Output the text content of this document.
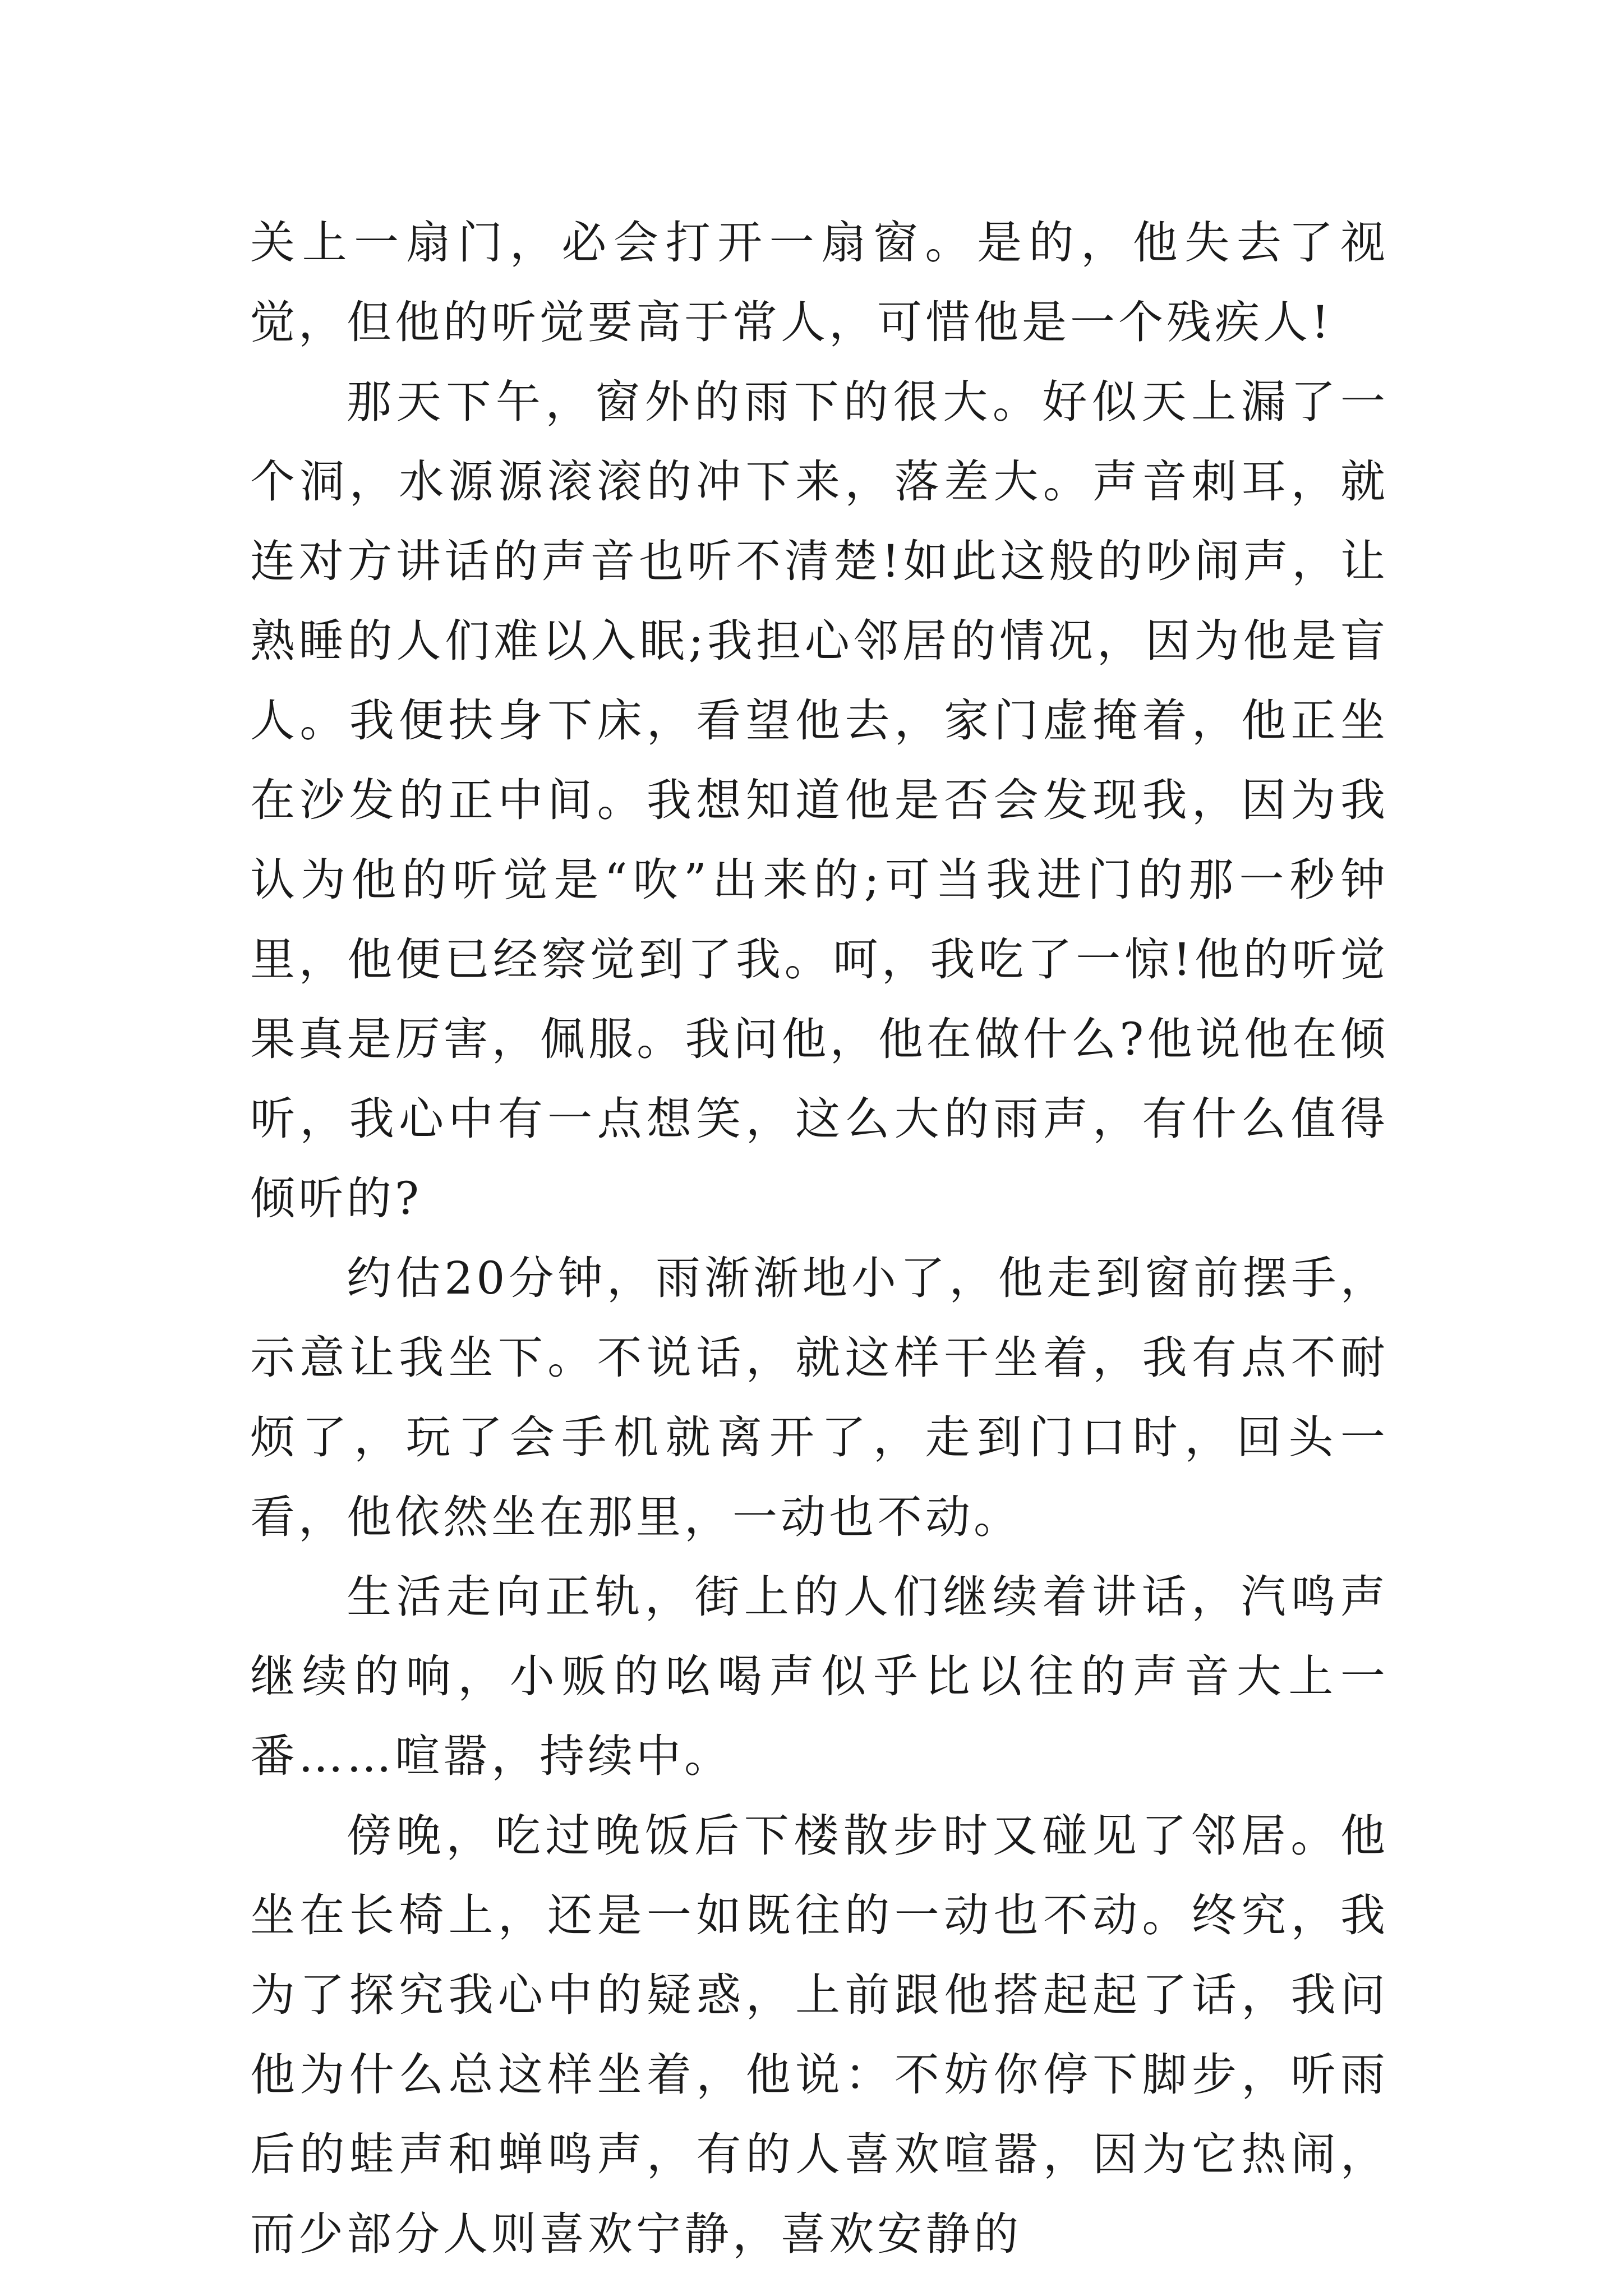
关上一扇门，必会打开一扇窗。是的，他失去了视觉，但他的听觉要高于常人，可惜他是一个残疾人!

那天下午，窗外的雨下的很大。好似天上漏了一个洞，水源源滚滚的冲下来，落差大。声音刺耳，就连对方讲话的声音也听不清楚!如此这般的吵闹声，让熟睡的人们难以入眠;我担心邻居的情况，因为他是盲人。我便扶身下床，看望他去，家门虚掩着，他正坐在沙发的正中间。我想知道他是否会发现我，因为我认为他的听觉是“吹”出来的;可当我进门的那一秒钟里，他便已经察觉到了我。呵，我吃了一惊!他的听觉果真是厉害，佩服。我问他，他在做什么?他说他在倾听，我心中有一点想笑，这么大的雨声，有什么值得倾听的?

约估20分钟，雨渐渐地小了，他走到窗前摆手，示意让我坐下。不说话，就这样干坐着，我有点不耐烦了，玩了会手机就离开了，走到门口时，回头一看，他依然坐在那里，一动也不动。

生活走向正轨，街上的人们继续着讲话，汽鸣声继续的响，小贩的吆喝声似乎比以往的声音大上一番……喧嚣，持续中。

傍晚，吃过晚饭后下楼散步时又碰见了邻居。他坐在长椅上，还是一如既往的一动也不动。终究，我为了探究我心中的疑惑，上前跟他搭起起了话，我问他为什么总这样坐着，他说：不妨你停下脚步，听雨后的蛙声和蝉鸣声，有的人喜欢喧嚣，因为它热闹，而少部分人则喜欢宁静，喜欢安静的
